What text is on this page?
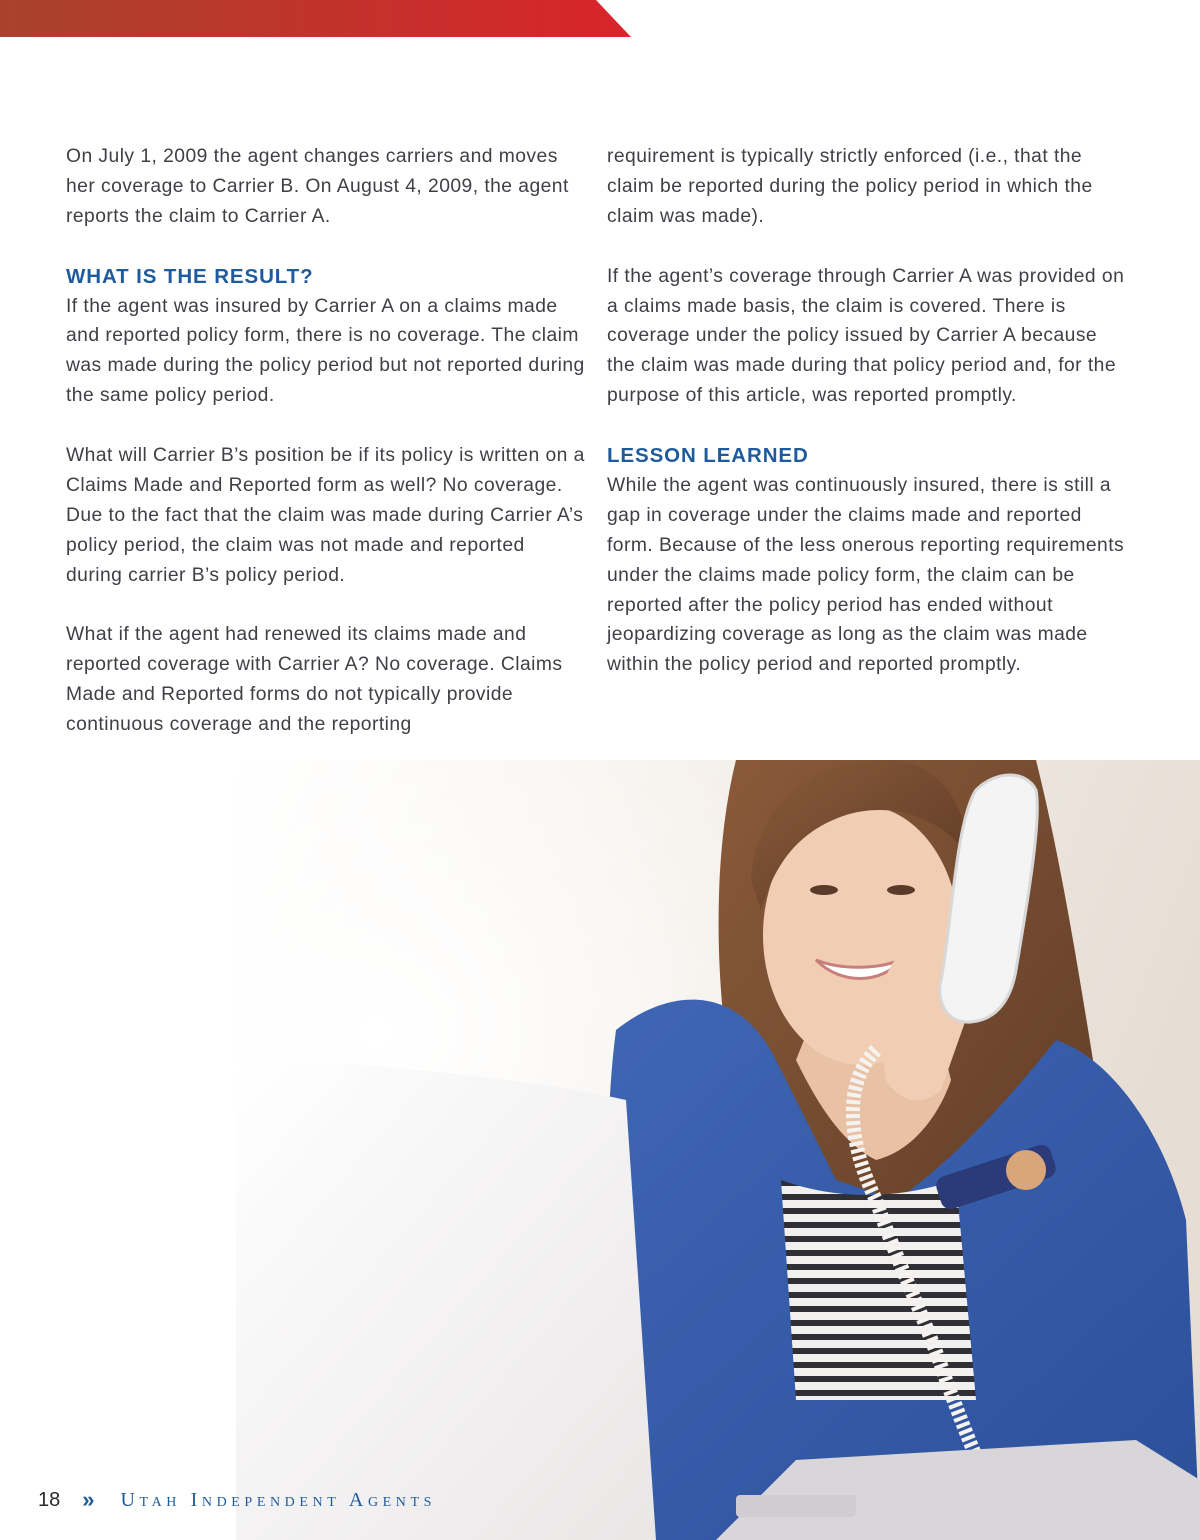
On July 1, 2009 the agent changes carriers and moves her coverage to Carrier B. On August 4, 2009, the agent reports the claim to Carrier A.

WHAT IS THE RESULT?

If the agent was insured by Carrier A on a claims made and reported policy form, there is no coverage. The claim was made during the policy period but not reported during the same policy period.

What will Carrier B’s position be if its policy is written on a Claims Made and Reported form as well? No coverage. Due to the fact that the claim was made during Carrier A’s policy period, the claim was not made and reported during carrier B’s policy period.

What if the agent had renewed its claims made and reported coverage with Carrier A? No coverage. Claims Made and Reported forms do not typically provide continuous coverage and the reporting

requirement is typically strictly enforced (i.e., that the claim be reported during the policy period in which the claim was made).

If the agent’s coverage through Carrier A was provided on a claims made basis, the claim is covered. There is coverage under the policy issued by Carrier A because the claim was made during that policy period and, for the purpose of this article, was reported promptly.

LESSON LEARNED

While the agent was continuously insured, there is still a gap in coverage under the claims made and reported form. Because of the less onerous reporting requirements under the claims made policy form, the claim can be reported after the policy period has ended without jeopardizing coverage as long as the claim was made within the policy period and reported promptly.

18 » Utah Independent Agents
